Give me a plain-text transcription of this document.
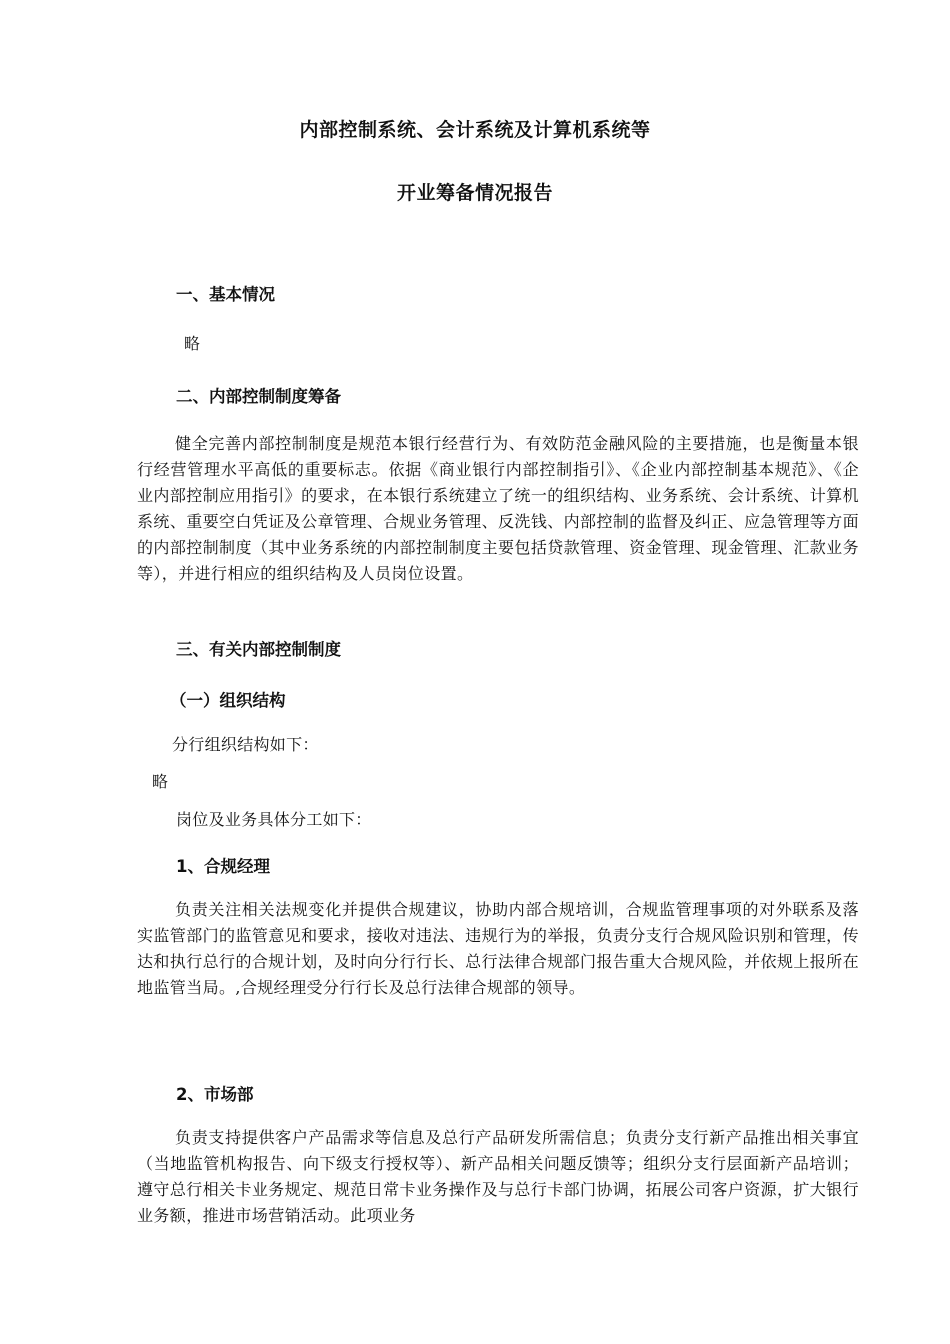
内部控制系统、会计系统及计算机系统等
开业筹备情况报告
一、基本情况
略
二、内部控制制度筹备
健全完善内部控制制度是规范本银行经营行为、有效防范金融风险的主要措施，也是衡量本银行经营管理水平高低的重要标志。依据《商业银行内部控制指引》、《企业内部控制基本规范》、《企业内部控制应用指引》的要求，在本银行系统建立了统一的组织结构、业务系统、会计系统、计算机系统、重要空白凭证及公章管理、合规业务管理、反洗钱、内部控制的监督及纠正、应急管理等方面的内部控制制度（其中业务系统的内部控制制度主要包括贷款管理、资金管理、现金管理、汇款业务等），并进行相应的组织结构及人员岗位设置。
三、有关内部控制制度
（一）组织结构
分行组织结构如下：
略
岗位及业务具体分工如下：
1、合规经理
负责关注相关法规变化并提供合规建议，协助内部合规培训，合规监管理事项的对外联系及落实监管部门的监管意见和要求，接收对违法、违规行为的举报，负责分支行合规风险识别和管理，传达和执行总行的合规计划，及时向分行行长、总行法律合规部门报告重大合规风险，并依规上报所在地监管当局。,合规经理受分行行长及总行法律合规部的领导。
2、市场部
负责支持提供客户产品需求等信息及总行产品研发所需信息；负责分支行新产品推出相关事宜（当地监管机构报告、向下级支行授权等）、新产品相关问题反馈等；组织分支行层面新产品培训；遵守总行相关卡业务规定、规范日常卡业务操作及与总行卡部门协调，拓展公司客户资源，扩大银行业务额，推进市场营销活动。此项业务
